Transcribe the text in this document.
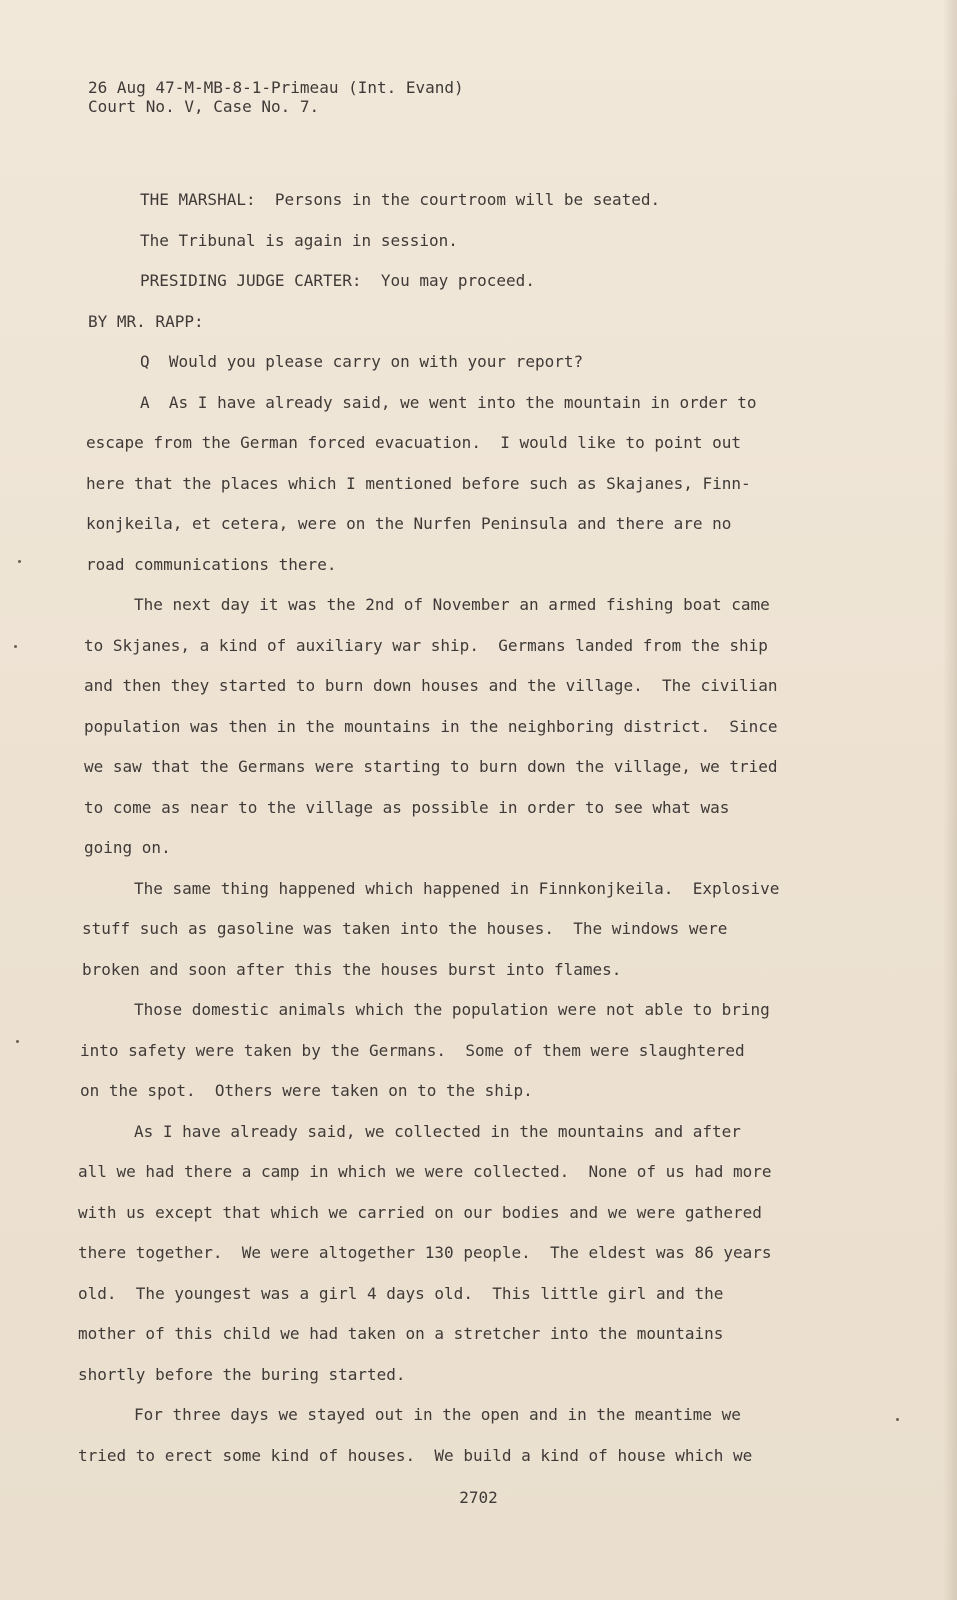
26 Aug 47-M-MB-8-1-Primeau (Int. Evand)
Court No. V, Case No. 7.
THE MARSHAL:  Persons in the courtroom will be seated.
The Tribunal is again in session.
PRESIDING JUDGE CARTER:  You may proceed.
BY MR. RAPP:
Q  Would you please carry on with your report?
A  As I have already said, we went into the mountain in order to
escape from the German forced evacuation.  I would like to point out
here that the places which I mentioned before such as Skajanes, Finn-
konjkeila, et cetera, were on the Nurfen Peninsula and there are no
road communications there.
The next day it was the 2nd of November an armed fishing boat came
to Skjanes, a kind of auxiliary war ship.  Germans landed from the ship
and then they started to burn down houses and the village.  The civilian
population was then in the mountains in the neighboring district.  Since
we saw that the Germans were starting to burn down the village, we tried
to come as near to the village as possible in order to see what was
going on.
The same thing happened which happened in Finnkonjkeila.  Explosive
stuff such as gasoline was taken into the houses.  The windows were
broken and soon after this the houses burst into flames.
Those domestic animals which the population were not able to bring
into safety were taken by the Germans.  Some of them were slaughtered
on the spot.  Others were taken on to the ship.
As I have already said, we collected in the mountains and after
all we had there a camp in which we were collected.  None of us had more
with us except that which we carried on our bodies and we were gathered
there together.  We were altogether 130 people.  The eldest was 86 years
old.  The youngest was a girl 4 days old.  This little girl and the
mother of this child we had taken on a stretcher into the mountains
shortly before the buring started.
For three days we stayed out in the open and in the meantime we
tried to erect some kind of houses.  We build a kind of house which we
2702
